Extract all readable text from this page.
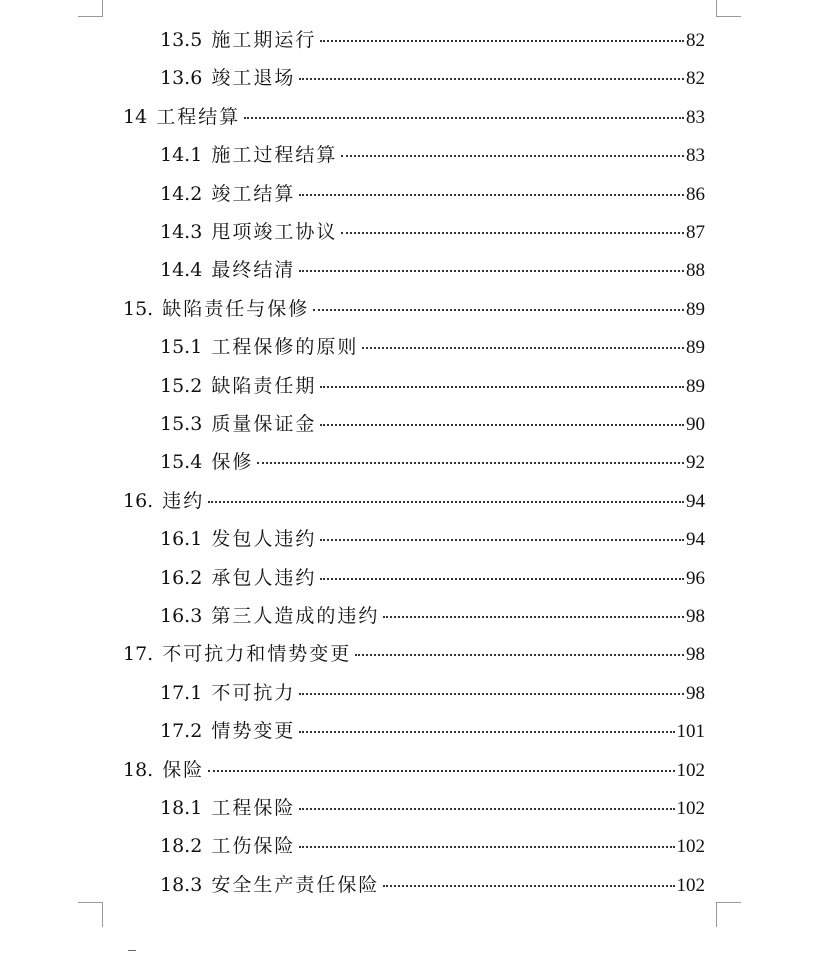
13.5 施工期运行	82
13.6 竣工退场	82
14 工程结算	83
14.1 施工过程结算	83
14.2 竣工结算	86
14.3 甩项竣工协议	87
14.4 最终结清	88
15. 缺陷责任与保修	89
15.1 工程保修的原则	89
15.2 缺陷责任期	89
15.3 质量保证金	90
15.4 保修	92
16. 违约	94
16.1 发包人违约	94
16.2 承包人违约	96
16.3 第三人造成的违约	98
17. 不可抗力和情势变更	98
17.1 不可抗力	98
17.2 情势变更	101
18. 保险	102
18.1 工程保险	102
18.2 工伤保险	102
18.3 安全生产责任保险	102
